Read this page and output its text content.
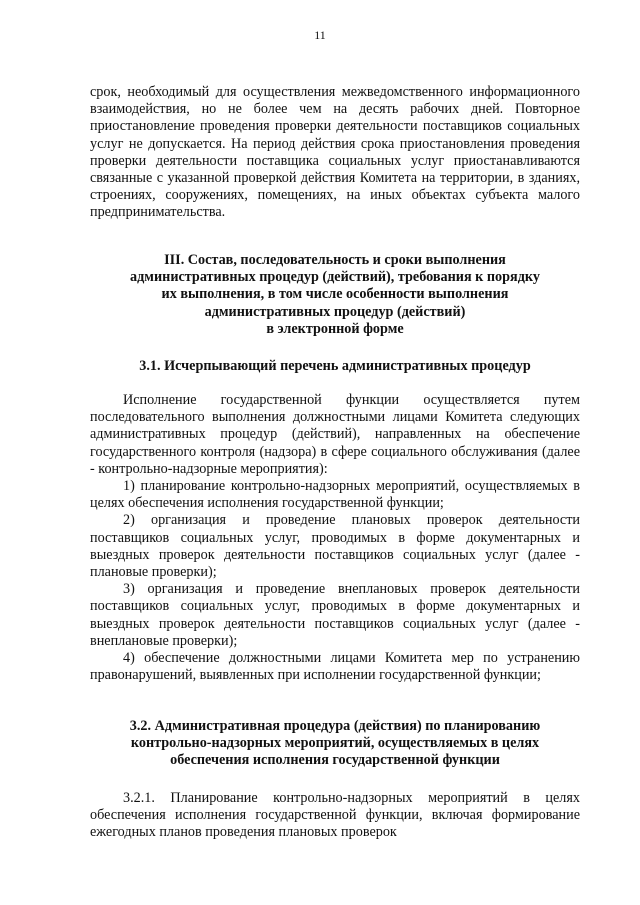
11

срок, необходимый для осуществления межведомственного информационного взаимодействия, но не более чем на десять рабочих дней. Повторное приостановление проведения проверки деятельности поставщиков социальных услуг не допускается. На период действия срока приостановления проведения проверки деятельности поставщика социальных услуг приостанавливаются связанные с указанной проверкой действия Комитета на территории, в зданиях, строениях, сооружениях, помещениях, на иных объектах субъекта малого предпринимательства.

III. Состав, последовательность и сроки выполнения
административных процедур (действий), требования к порядку
их выполнения, в том числе особенности выполнения
административных процедур (действий)
в электронной форме
3.1. Исчерпывающий перечень административных процедур

Исполнение государственной функции осуществляется путем последовательного выполнения должностными лицами Комитета следующих административных процедур (действий), направленных на обеспечение государственного контроля (надзора) в сфере социального обслуживания (далее - контрольно-надзорные мероприятия):

1) планирование контрольно-надзорных мероприятий, осуществляемых в целях обеспечения исполнения государственной функции;

2) организация и проведение плановых проверок деятельности поставщиков социальных услуг, проводимых в форме документарных и выездных проверок деятельности поставщиков социальных услуг (далее - плановые проверки);

3) организация и проведение внеплановых проверок деятельности поставщиков социальных услуг, проводимых в форме документарных и выездных проверок деятельности поставщиков социальных услуг (далее - внеплановые проверки);

4) обеспечение должностными лицами Комитета мер по устранению правонарушений, выявленных при исполнении государственной функции;

3.2. Административная процедура (действия) по планированию
контрольно-надзорных мероприятий, осуществляемых в целях
обеспечения исполнения государственной функции

3.2.1. Планирование контрольно-надзорных мероприятий в целях обеспечения исполнения государственной функции, включая формирование ежегодных планов проведения плановых проверок
